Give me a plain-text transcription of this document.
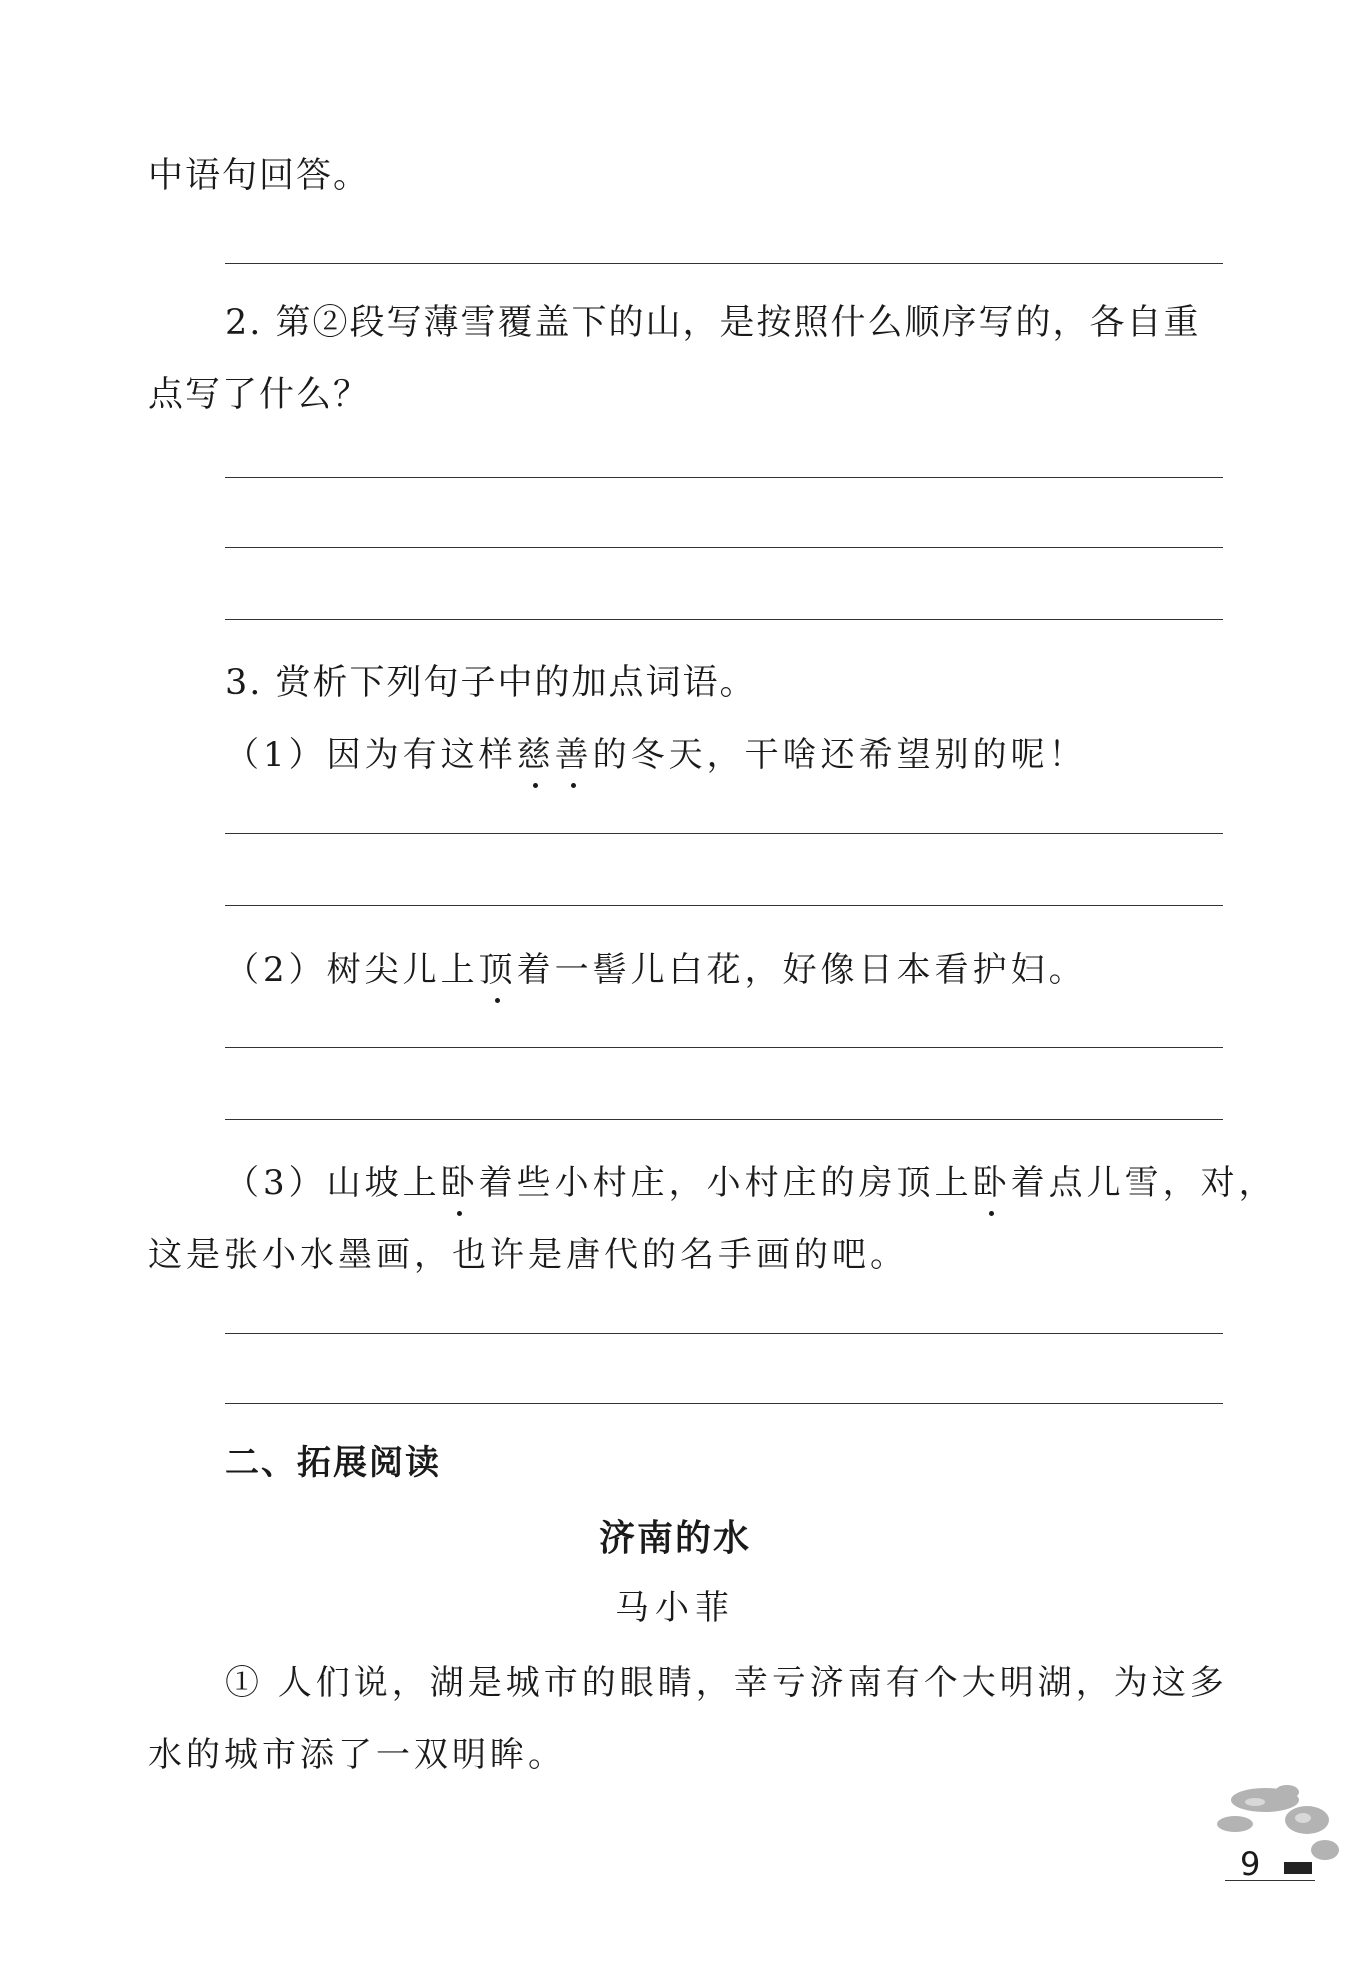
中语句回答。
2. 第②段写薄雪覆盖下的山，是按照什么顺序写的，各自重
点写了什么？
3. 赏析下列句子中的加点词语。
（1）因为有这样慈善的冬天，干啥还希望别的呢！
（2）树尖儿上顶着一髻儿白花，好像日本看护妇。
（3）山坡上卧着些小村庄，小村庄的房顶上卧着点儿雪，对，
这是张小水墨画，也许是唐代的名手画的吧。
二、拓展阅读
济南的水
马小菲
① 人们说，湖是城市的眼睛，幸亏济南有个大明湖，为这多
水的城市添了一双明眸。
9
